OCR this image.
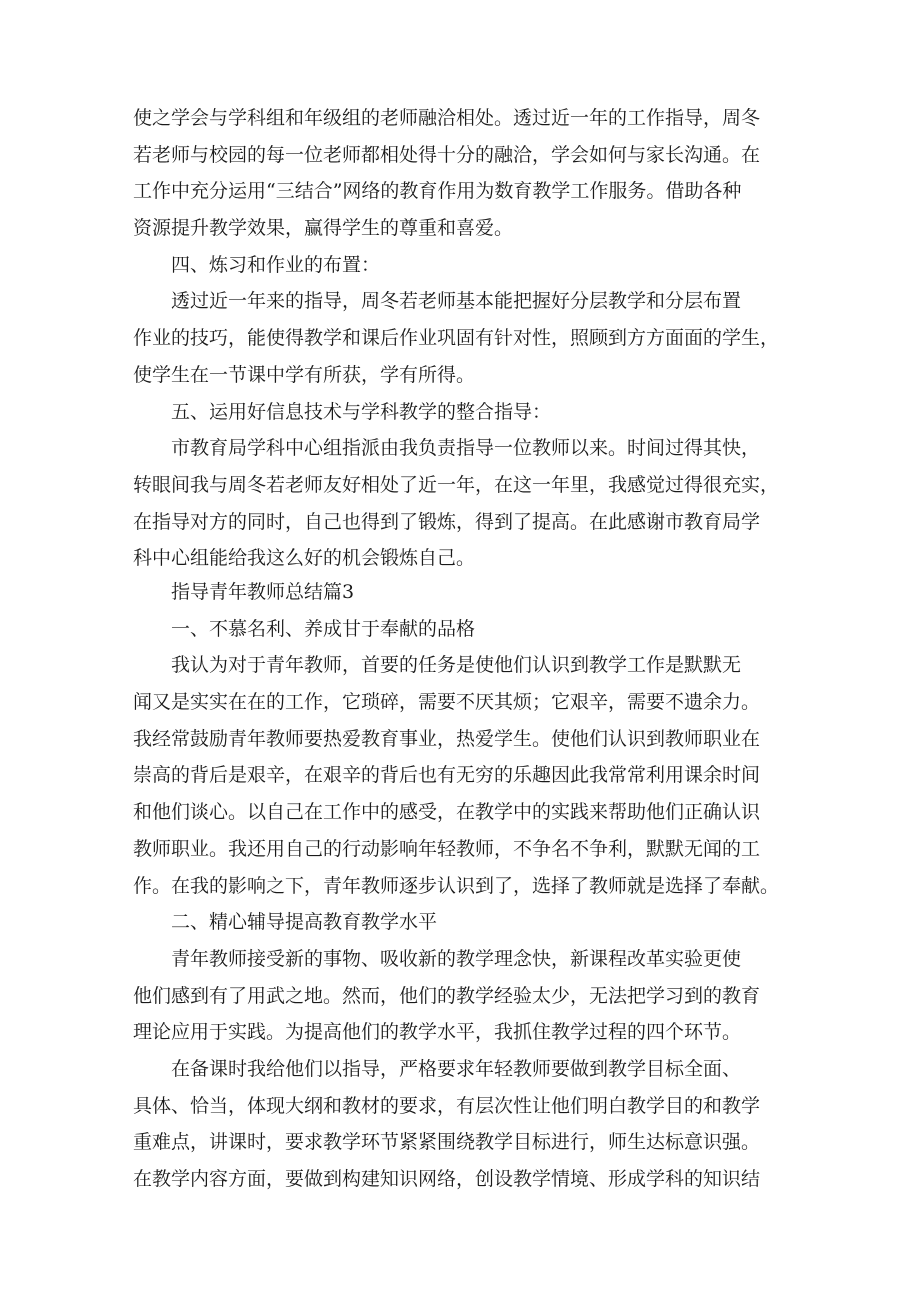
使之学会与学科组和年级组的老师融洽相处。透过近一年的工作指导，周冬
若老师与校园的每一位老师都相处得十分的融洽，学会如何与家长沟通。在
工作中充分运用“三结合”网络的教育作用为数育教学工作服务。借助各种
资源提升教学效果，赢得学生的尊重和喜爱。
四、炼习和作业的布置：
透过近一年来的指导，周冬若老师基本能把握好分层教学和分层布置
作业的技巧，能使得教学和课后作业巩固有针对性，照顾到方方面面的学生，
使学生在一节课中学有所获，学有所得。
五、运用好信息技术与学科教学的整合指导：
市教育局学科中心组指派由我负责指导一位教师以来。时间过得其快，
转眼间我与周冬若老师友好相处了近一年，在这一年里，我感觉过得很充实，
在指导对方的同时，自己也得到了锻炼，得到了提高。在此感谢市教育局学
科中心组能给我这么好的机会锻炼自己。
指导青年教师总结篇3
一、不慕名利、养成甘于奉献的品格
我认为对于青年教师，首要的任务是使他们认识到教学工作是默默无
闻又是实实在在的工作，它琐碎，需要不厌其烦；它艰辛，需要不遗余力。
我经常鼓励青年教师要热爱教育事业，热爱学生。使他们认识到教师职业在
崇高的背后是艰辛，在艰辛的背后也有无穷的乐趣因此我常常利用课余时间
和他们谈心。以自己在工作中的感受，在教学中的实践来帮助他们正确认识
教师职业。我还用自己的行动影响年轻教师，不争名不争利，默默无闻的工
作。在我的影响之下，青年教师逐步认识到了，选择了教师就是选择了奉献。
二、精心辅导提高教育教学水平
青年教师接受新的事物、吸收新的教学理念快，新课程改革实验更使
他们感到有了用武之地。然而，他们的教学经验太少，无法把学习到的教育
理论应用于实践。为提高他们的教学水平，我抓住教学过程的四个环节。
在备课时我给他们以指导，严格要求年轻教师要做到教学目标全面、
具体、恰当，体现大纲和教材的要求，有层次性让他们明白教学目的和教学
重难点，讲课时，要求教学环节紧紧围绕教学目标进行，师生达标意识强。
在教学内容方面，要做到构建知识网络，创设教学情境、形成学科的知识结
